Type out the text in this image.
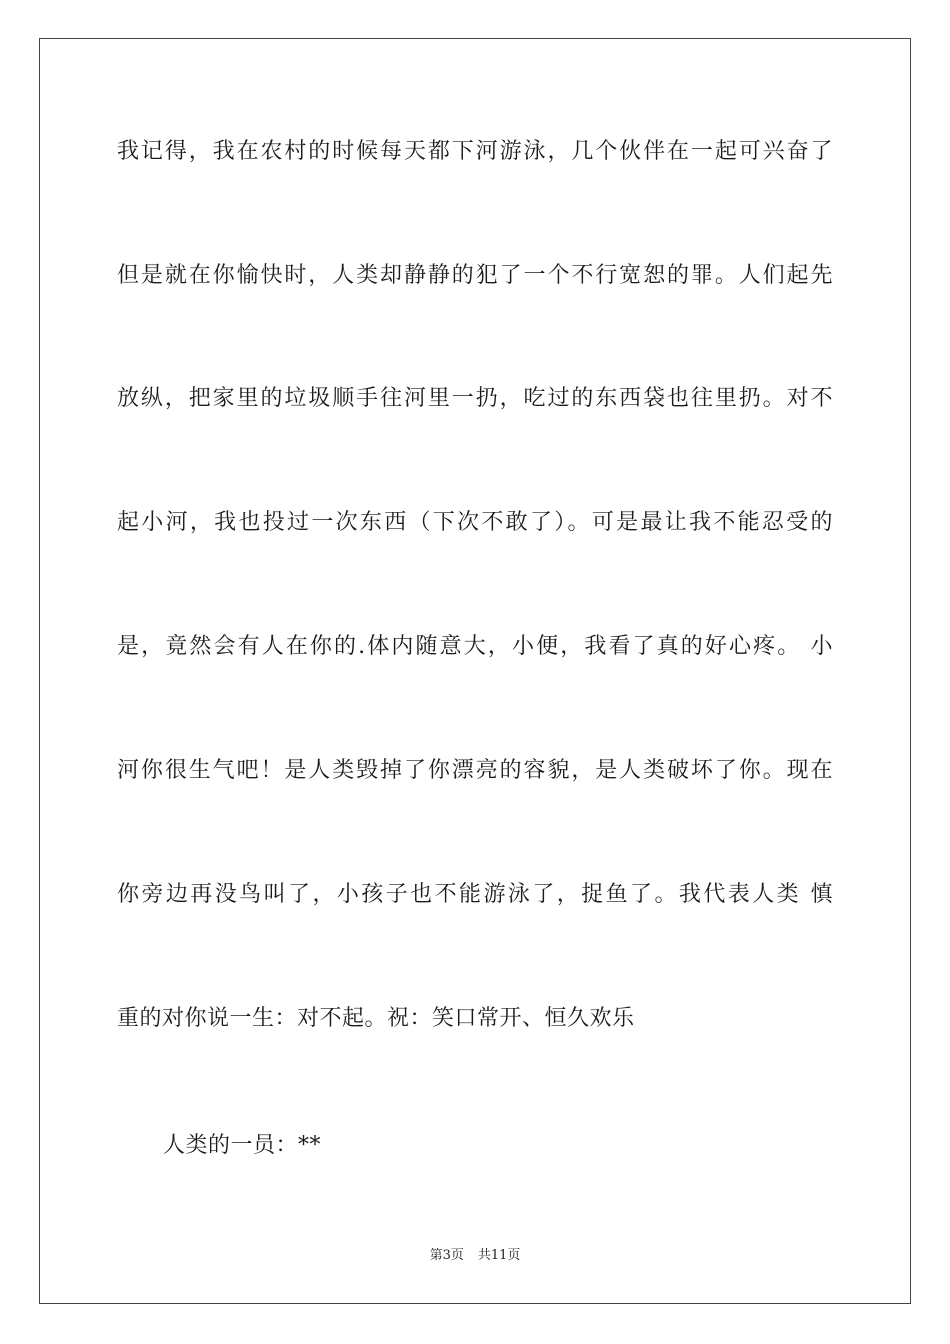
我记得，我在农村的时候每天都下河游泳，几个伙伴在一起可兴奋了
但是就在你愉快时，人类却静静的犯了一个不行宽恕的罪。人们起先
放纵，把家里的垃圾顺手往河里一扔，吃过的东西袋也往里扔。对不
起小河，我也投过一次东西（下次不敢了）。可是最让我不能忍受的
是，竟然会有人在你的.体内随意大，小便，我看了真的好心疼。 小
河你很生气吧！是人类毁掉了你漂亮的容貌，是人类破坏了你。现在
你旁边再没鸟叫了，小孩子也不能游泳了，捉鱼了。我代表人类 慎
重的对你说一生：对不起。祝：笑口常开、恒久欢乐
人类的一员：**
第3页 共11页
